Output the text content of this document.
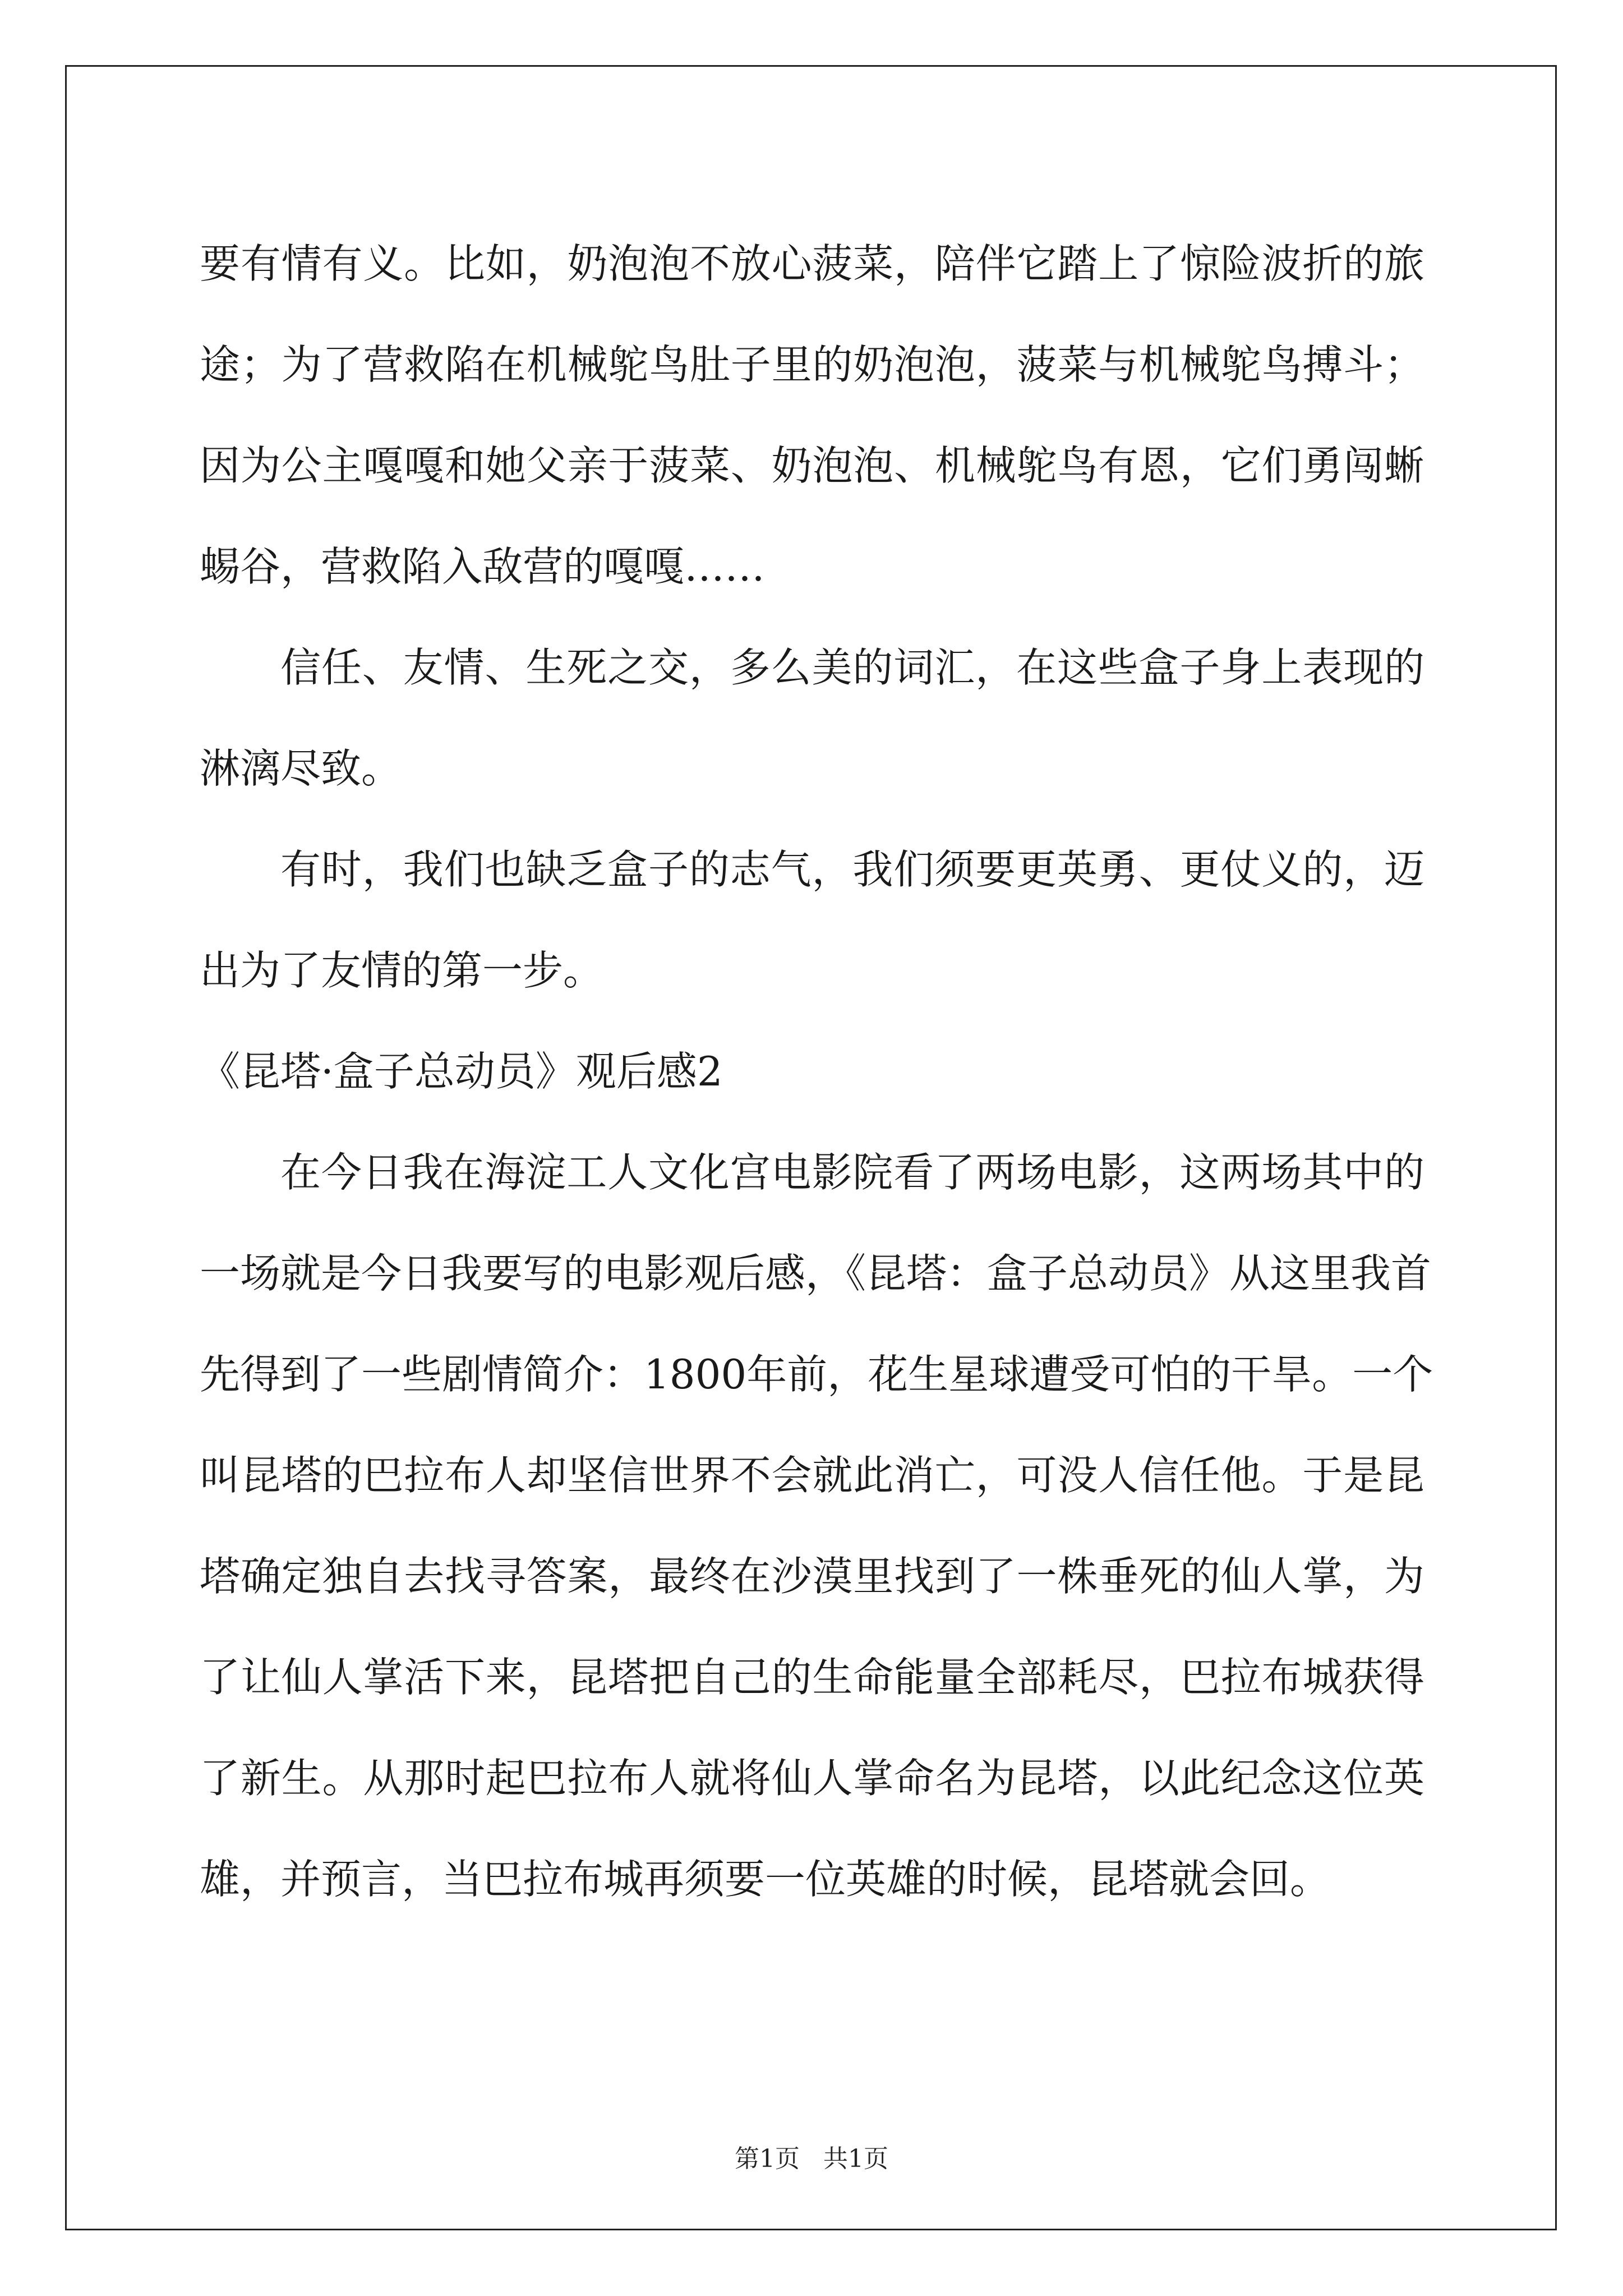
要有情有义。比如，奶泡泡不放心菠菜，陪伴它踏上了惊险波折的旅
途；为了营救陷在机械鸵鸟肚子里的奶泡泡，菠菜与机械鸵鸟搏斗；
因为公主嘎嘎和她父亲于菠菜、奶泡泡、机械鸵鸟有恩，它们勇闯蜥
蜴谷，营救陷入敌营的嘎嘎……
信任、友情、生死之交，多么美的词汇，在这些盒子身上表现的
淋漓尽致。
有时，我们也缺乏盒子的志气，我们须要更英勇、更仗义的，迈
出为了友情的第一步。
《昆塔·盒子总动员》观后感2
在今日我在海淀工人文化宫电影院看了两场电影，这两场其中的
一场就是今日我要写的电影观后感，《昆塔：盒子总动员》从这里我首
先得到了一些剧情简介：1800年前，花生星球遭受可怕的干旱。一个
叫昆塔的巴拉布人却坚信世界不会就此消亡，可没人信任他。于是昆
塔确定独自去找寻答案，最终在沙漠里找到了一株垂死的仙人掌，为
了让仙人掌活下来，昆塔把自己的生命能量全部耗尽，巴拉布城获得
了新生。从那时起巴拉布人就将仙人掌命名为昆塔，以此纪念这位英
雄，并预言，当巴拉布城再须要一位英雄的时候，昆塔就会回。
第1页 共1页
